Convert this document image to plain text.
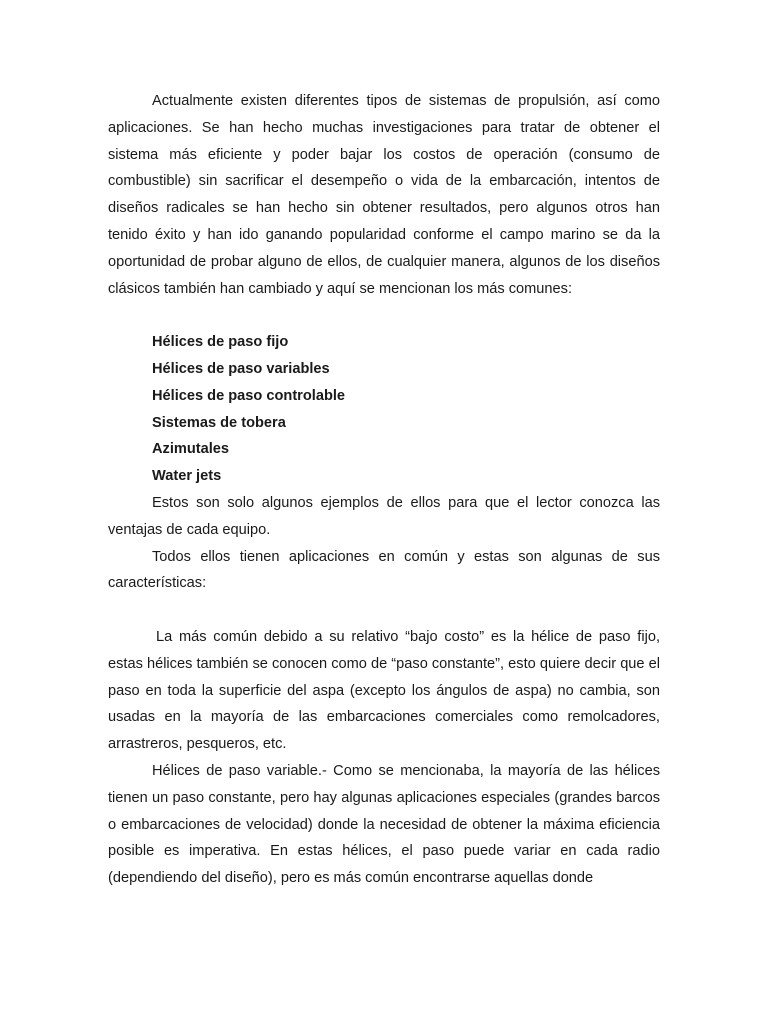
Actualmente existen diferentes tipos de sistemas de propulsión, así como aplicaciones. Se han hecho muchas investigaciones para tratar de obtener el sistema más eficiente y poder bajar los costos de operación (consumo de combustible) sin sacrificar el desempeño o vida de la embarcación, intentos de diseños radicales se han hecho sin obtener resultados, pero algunos otros han tenido éxito y han ido ganando popularidad conforme el campo marino se da la oportunidad de probar alguno de ellos, de cualquier manera, algunos de los diseños clásicos también han cambiado y aquí se mencionan los más comunes:

Hélices de paso fijo
Hélices de paso variables
Hélices de paso controlable
Sistemas de tobera
Azimutales
Water jets

Estos son solo algunos ejemplos de ellos para que el lector conozca las ventajas de cada equipo.

Todos ellos tienen aplicaciones en común y estas son algunas de sus características:

La más común debido a su relativo “bajo costo” es la hélice de paso fijo, estas hélices también se conocen como de “paso constante”, esto quiere decir que el paso en toda la superficie del aspa (excepto los ángulos de aspa) no cambia, son usadas en la mayoría de las embarcaciones comerciales como remolcadores, arrastreros, pesqueros, etc.

Hélices de paso variable.- Como se mencionaba, la mayoría de las hélices tienen un paso constante, pero hay algunas aplicaciones especiales (grandes barcos o embarcaciones de velocidad) donde la necesidad de obtener la máxima eficiencia posible es imperativa. En estas hélices, el paso puede variar en cada radio (dependiendo del diseño), pero es más común encontrarse aquellas donde
